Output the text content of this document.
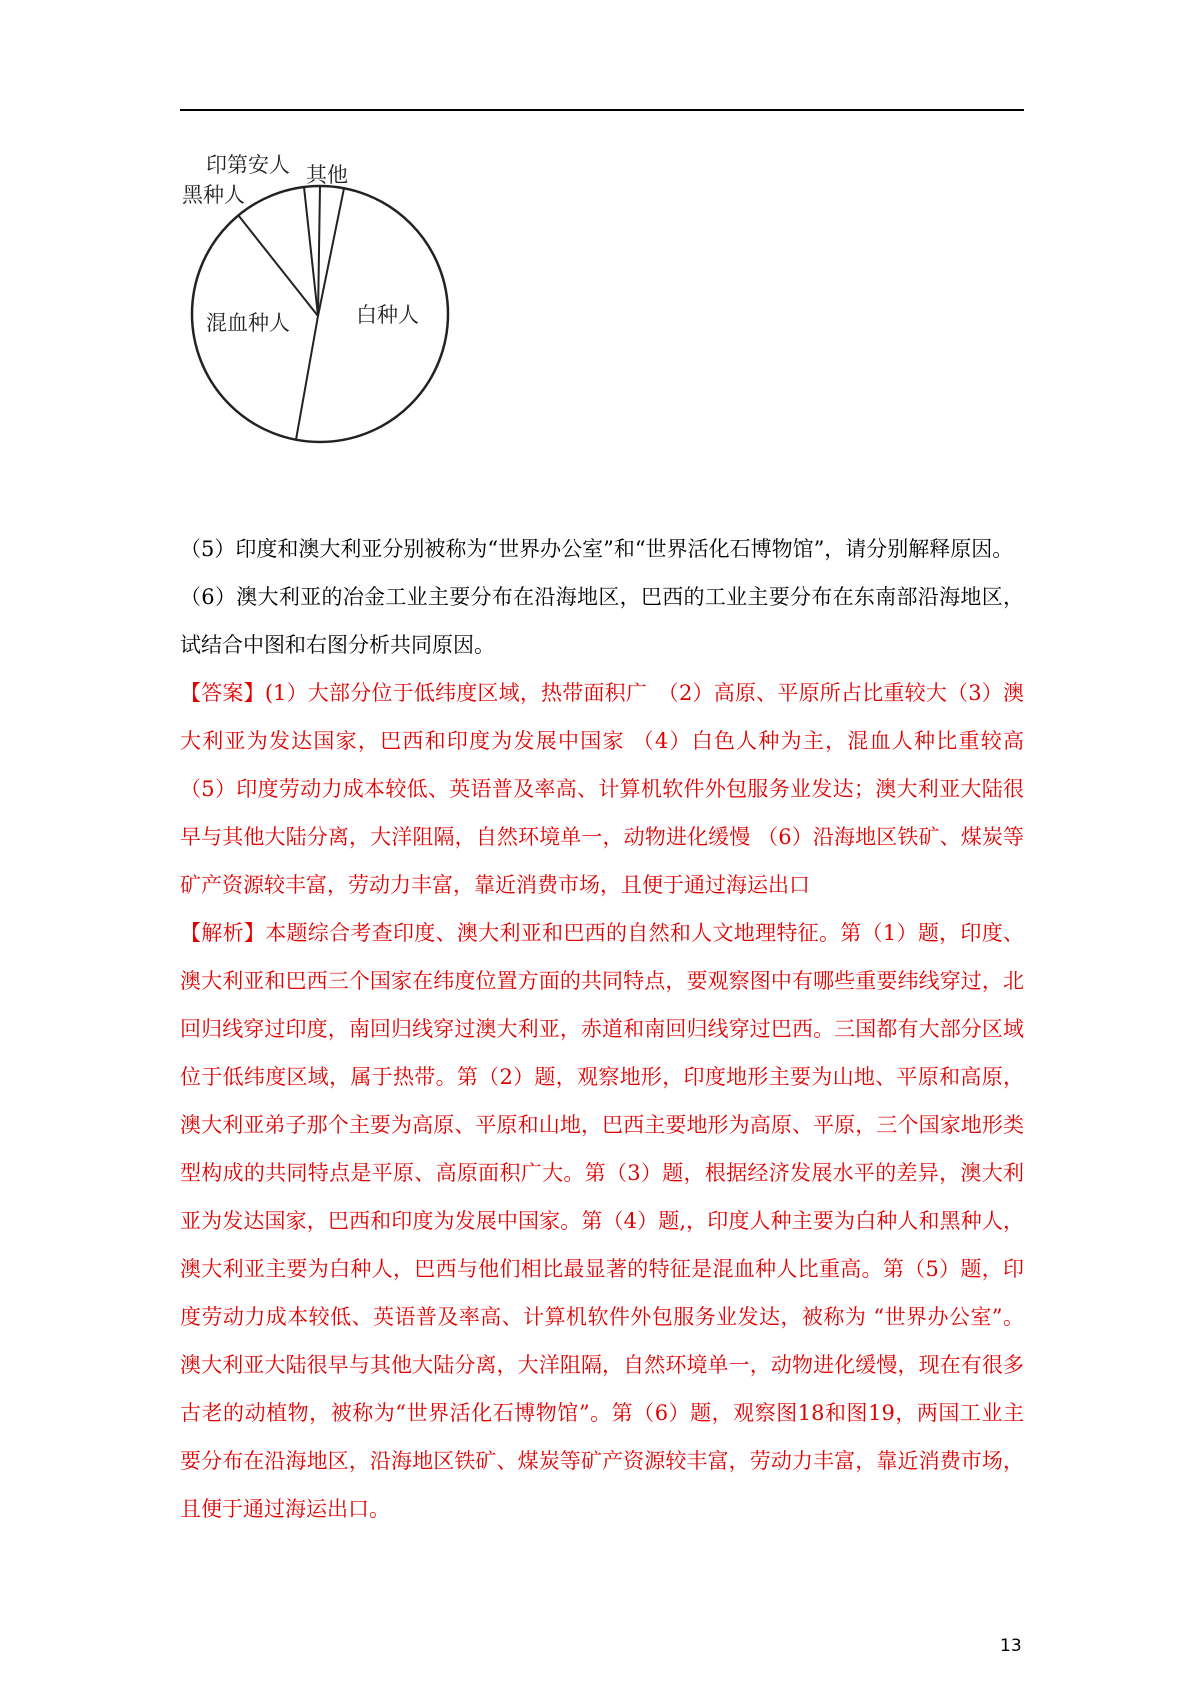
其他
白种人
混血种人
黑种人
印第安人

（5）印度和澳大利亚分别被称为“世界办公室”和“世界活化石博物馆”，请分别解释原因。

（6）澳大利亚的冶金工业主要分布在沿海地区，巴西的工业主要分布在东南部沿海地区，试结合中图和右图分析共同原因。

【答案】(1）大部分位于低纬度区域，热带面积广　（2）高原、平原所占比重较大（3）澳大利亚为发达国家，巴西和印度为发展中国家 （4）白色人种为主，混血人种比重较高 （5）印度劳动力成本较低、英语普及率高、计算机软件外包服务业发达；澳大利亚大陆很早与其他大陆分离，大洋阻隔，自然环境单一，动物进化缓慢 （6）沿海地区铁矿、煤炭等矿产资源较丰富，劳动力丰富，靠近消费市场，且便于通过海运出口

【解析】本题综合考查印度、澳大利亚和巴西的自然和人文地理特征。第（1）题，印度、澳大利亚和巴西三个国家在纬度位置方面的共同特点，要观察图中有哪些重要纬线穿过，北回归线穿过印度，南回归线穿过澳大利亚，赤道和南回归线穿过巴西。三国都有大部分区域位于低纬度区域，属于热带。第（2）题，观察地形，印度地形主要为山地、平原和高原，澳大利亚弟子那个主要为高原、平原和山地，巴西主要地形为高原、平原，三个国家地形类型构成的共同特点是平原、高原面积广大。第（3）题，根据经济发展水平的差异，澳大利亚为发达国家，巴西和印度为发展中国家。第（4）题,，印度人种主要为白种人和黑种人，澳大利亚主要为白种人，巴西与他们相比最显著的特征是混血种人比重高。第（5）题，印度劳动力成本较低、英语普及率高、计算机软件外包服务业发达，被称为 “世界办公室”。澳大利亚大陆很早与其他大陆分离，大洋阻隔，自然环境单一，动物进化缓慢，现在有很多古老的动植物，被称为“世界活化石博物馆”。第（6）题，观察图18和图19，两国工业主要分布在沿海地区，沿海地区铁矿、煤炭等矿产资源较丰富，劳动力丰富，靠近消费市场，且便于通过海运出口。

13
